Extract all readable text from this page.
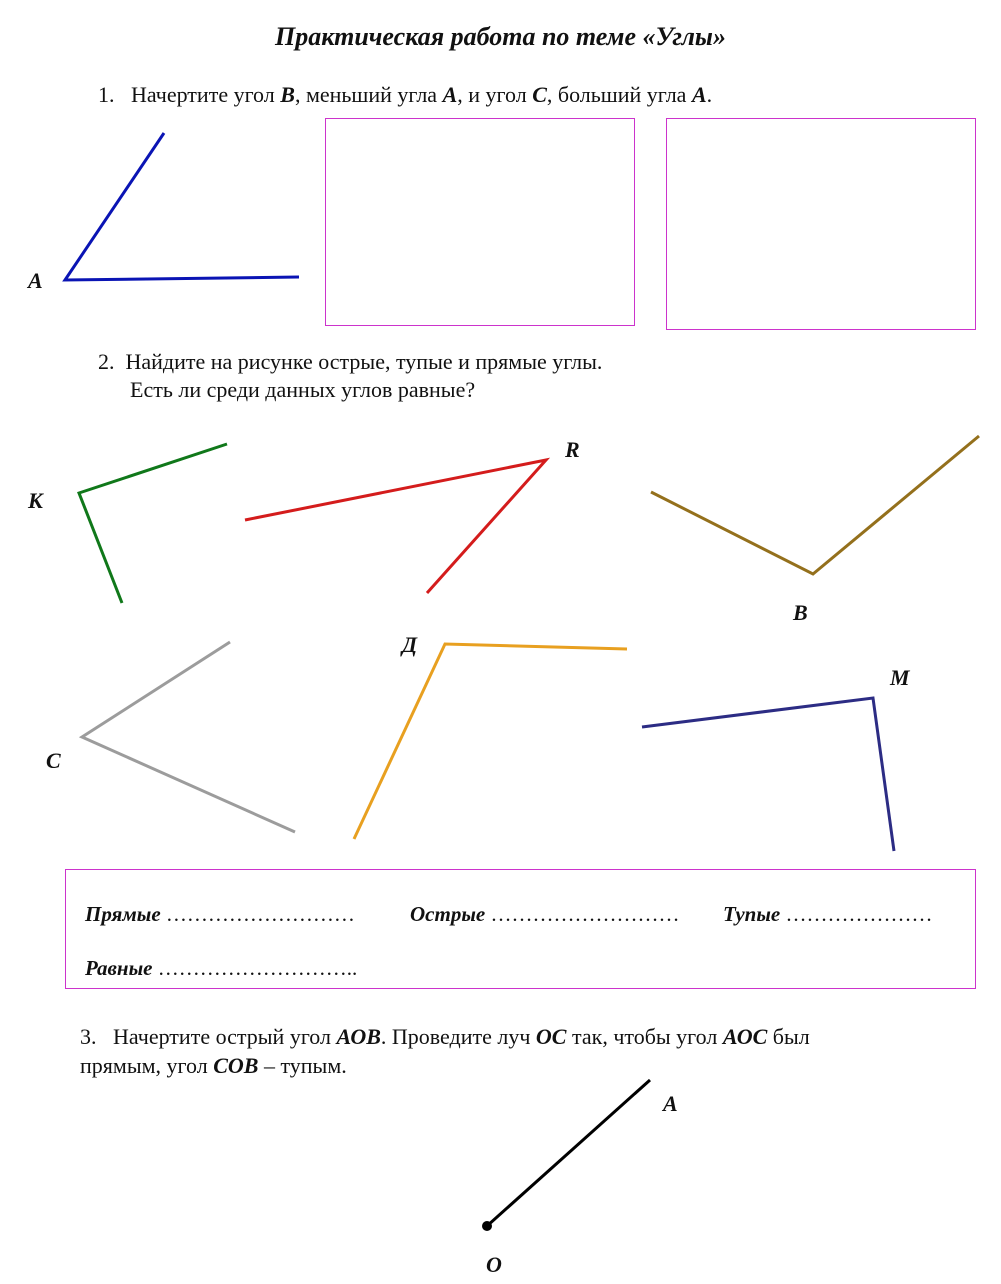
Практическая работа по теме «Углы»
1. Начертите угол B, меньший угла A, и угол C, больший угла A.
A
2. Найдите на рисунке острые, тупые и прямые углы.
Есть ли среди данных углов равные?
К
R
В
С
Д
М
Прямые ………………………	Острые ……………………… Тупые …………………
Равные ………………………..
3. Начертите острый угол АОВ. Проведите луч ОС так, чтобы угол АОС был
прямым, угол СОВ – тупым.
А
О
